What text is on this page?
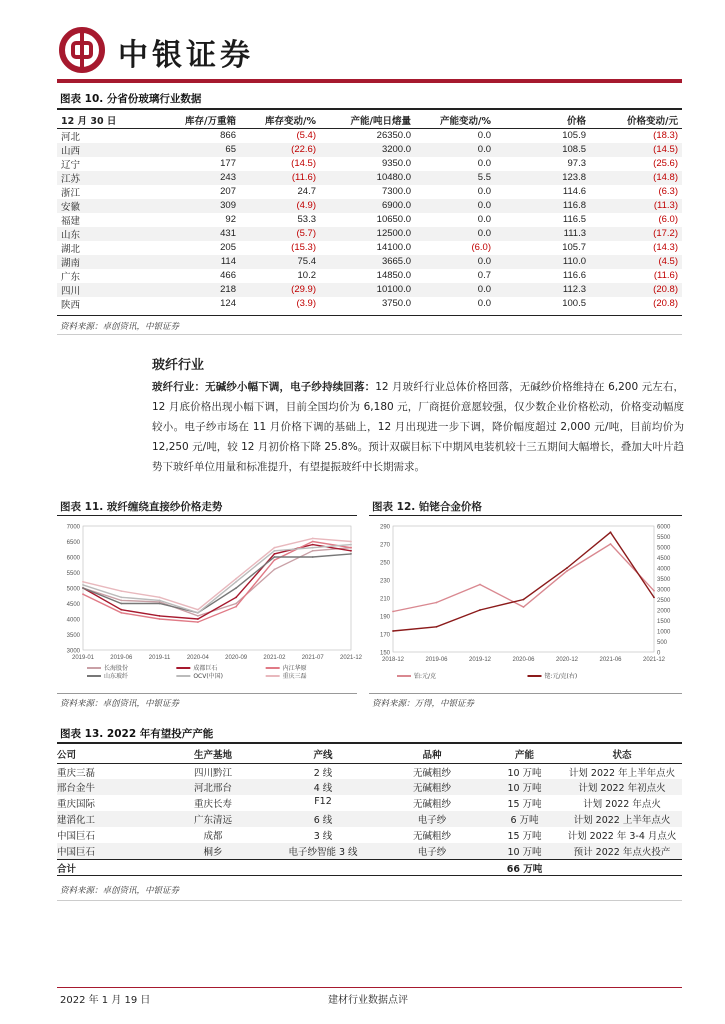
中银证券
图表 10. 分省份玻璃行业数据
12 月 30 日	库存/万重箱	库存变动/%	产能/吨日熔量	产能变动/%	价格	价格变动/元
河北	866	(5.4)	26350.0	0.0	105.9	(18.3)
山西	65	(22.6)	3200.0	0.0	108.5	(14.5)
辽宁	177	(14.5)	9350.0	0.0	97.3	(25.6)
江苏	243	(11.6)	10480.0	5.5	123.8	(14.8)
浙江	207	24.7	7300.0	0.0	114.6	(6.3)
安徽	309	(4.9)	6900.0	0.0	116.8	(11.3)
福建	92	53.3	10650.0	0.0	116.5	(6.0)
山东	431	(5.7)	12500.0	0.0	111.3	(17.2)
湖北	205	(15.3)	14100.0	(6.0)	105.7	(14.3)
湖南	114	75.4	3665.0	0.0	110.0	(4.5)
广东	466	10.2	14850.0	0.7	116.6	(11.6)
四川	218	(29.9)	10100.0	0.0	112.3	(20.8)
陕西	124	(3.9)	3750.0	0.0	100.5	(20.8)
资料来源：卓创资讯，中银证券
玻纤行业
玻纤行业：无碱纱小幅下调，电子纱持续回落：12 月玻纤行业总体价格回落，无碱纱价格维持在 6,200 元左右，12 月底价格出现小幅下调，目前全国均价为 6,180 元，厂商挺价意愿较强，仅少数企业价格松动，价格变动幅度较小。电子纱市场在 11 月价格下调的基础上，12 月出现进一步下调，降价幅度超过 2,000 元/吨，目前均价为 12,250 元/吨，较 12 月初价格下降 25.8%。预计双碳目标下中期风电装机较十三五期间大幅增长，叠加大叶片趋势下玻纤单位用量和标准提升，有望提振玻纤中长期需求。
图表 11. 玻纤缠绕直接纱价格走势
3000
3500
4000
4500
5000
5500
6000
6500
7000
2019-01	2019-06	2019-11	2020-04	2020-09	2021-02	2021-07	2021-12
长海股份	成都巨石	内江华原
山东玻纤	OCV(中国)	重庆三磊
资料来源：卓创资讯，中银证券
图表 12. 铂铑合金价格
150
170
190
210
230
250
270
290
0
500
1000
1500
2000
2500
3000
3500
4000
4500
5000
5500
6000
2018-12	2019-06	2019-12	2020-06	2020-12	2021-06	2021-12
铂:元/克	铑:元/克(右)
资料来源：万得，中银证券
图表 13. 2022 年有望投产产能
公司	生产基地	产线	品种	产能	状态
重庆三磊	四川黔江	2 线	无碱粗纱	10 万吨	计划 2022 年上半年点火
邢台金牛	河北邢台	4 线	无碱粗纱	10 万吨	计划 2022 年初点火
重庆国际	重庆长寿	F12	无碱粗纱	15 万吨	计划 2022 年点火
建滔化工	广东清远	6 线	电子纱	6 万吨	计划 2022 上半年点火
中国巨石	成都	3 线	无碱粗纱	15 万吨	计划 2022 年 3-4 月点火
中国巨石	桐乡	电子纱智能 3 线	电子纱	10 万吨	预计 2022 年点火投产
合计				66 万吨	
资料来源：卓创资讯，中银证券
2022 年 1 月 19 日	建材行业数据点评
